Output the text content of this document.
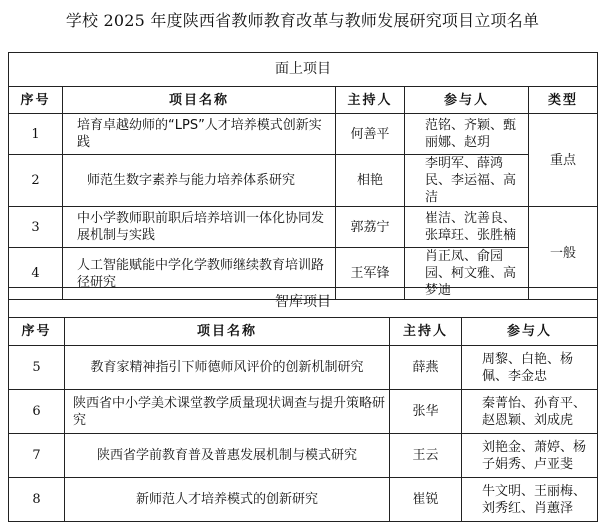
学校 2025 年度陕西省教师教育改革与教师发展研究项目立项名单
面上项目				
序号	项目名称	主持人	参与人	类型
1	培育卓越幼师的“LPS”人才培养模式创新实践	何善平	范铭、齐颖、甄丽娜、赵玥	重点
2	师范生数字素养与能力培养体系研究	相艳	李明军、薛鸿民、李运福、高洁	
3	中小学教师职前职后培养培训一体化协同发展机制与实践	郭荔宁	崔洁、沈善良、张璋玨、张胜楠	一般
4	人工智能赋能中学化学教师继续教育培训路径研究	王军锋	肖正凤、俞园园、柯文雅、高梦迪	
智库项目			
序号	项目名称	主持人	参与人
5	教育家精神指引下师德师风评价的创新机制研究	薛燕	周黎、白艳、杨佩、李金忠
6	陕西省中小学美术课堂教学质量现状调查与提升策略研究	张华	秦菁怡、孙育平、赵恩颖、刘成虎
7	陕西省学前教育普及普惠发展机制与模式研究	王云	刘艳金、萧婷、杨子娟秀、卢亚斐
8	新师范人才培养模式的创新研究	崔锐	牛文明、王丽梅、刘秀红、肖蕙泽
